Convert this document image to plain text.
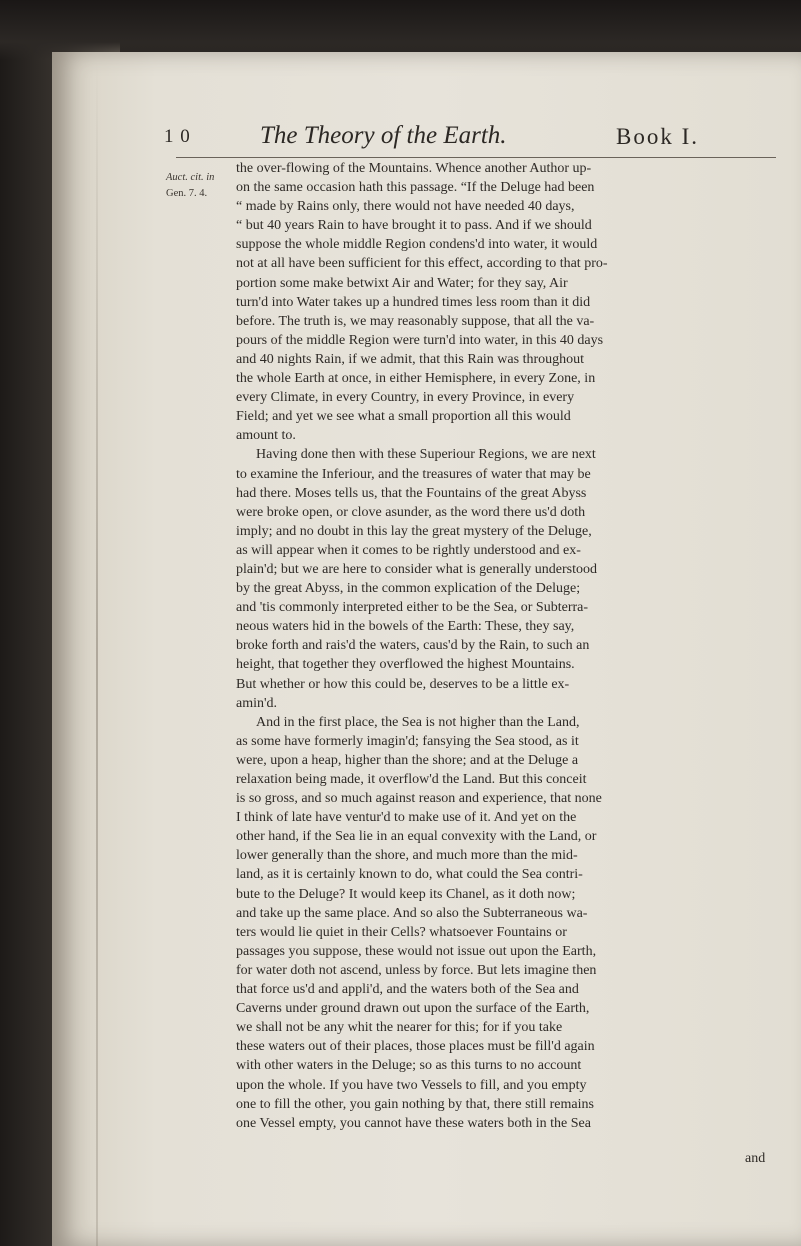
1 0	The Theory of the Earth.	Book I.
Auct. cit. in
Gen. 7. 4.
the over-flowing of the Mountains. Whence another Author up-
on the same occasion hath this passage. “If the Deluge had been
“ made by Rains only, there would not have needed 40 days,
“ but 40 years Rain to have brought it to pass. And if we should
suppose the whole middle Region condens'd into water, it would
not at all have been sufficient for this effect, according to that pro-
portion some make betwixt Air and Water; for they say, Air
turn'd into Water takes up a hundred times less room than it did
before. The truth is, we may reasonably suppose, that all the va-
pours of the middle Region were turn'd into water, in this 40 days
and 40 nights Rain, if we admit, that this Rain was throughout
the whole Earth at once, in either Hemisphere, in every Zone, in
every Climate, in every Country, in every Province, in every
Field; and yet we see what a small proportion all this would
amount to.
Having done then with these Superiour Regions, we are next
to examine the Inferiour, and the treasures of water that may be
had there. Moses tells us, that the Fountains of the great Abyss
were broke open, or clove asunder, as the word there us'd doth
imply; and no doubt in this lay the great mystery of the Deluge,
as will appear when it comes to be rightly understood and ex-
plain'd; but we are here to consider what is generally understood
by the great Abyss, in the common explication of the Deluge;
and 'tis commonly interpreted either to be the Sea, or Subterra-
neous waters hid in the bowels of the Earth: These, they say,
broke forth and rais'd the waters, caus'd by the Rain, to such an
height, that together they overflowed the highest Mountains.
But whether or how this could be, deserves to be a little ex-
amin'd.
And in the first place, the Sea is not higher than the Land,
as some have formerly imagin'd; fansying the Sea stood, as it
were, upon a heap, higher than the shore; and at the Deluge a
relaxation being made, it overflow'd the Land. But this conceit
is so gross, and so much against reason and experience, that none
I think of late have ventur'd to make use of it. And yet on the
other hand, if the Sea lie in an equal convexity with the Land, or
lower generally than the shore, and much more than the mid-
land, as it is certainly known to do, what could the Sea contri-
bute to the Deluge? It would keep its Chanel, as it doth now;
and take up the same place. And so also the Subterraneous wa-
ters would lie quiet in their Cells? whatsoever Fountains or
passages you suppose, these would not issue out upon the Earth,
for water doth not ascend, unless by force. But lets imagine then
that force us'd and appli'd, and the waters both of the Sea and
Caverns under ground drawn out upon the surface of the Earth,
we shall not be any whit the nearer for this; for if you take
these waters out of their places, those places must be fill'd again
with other waters in the Deluge; so as this turns to no account
upon the whole. If you have two Vessels to fill, and you empty
one to fill the other, you gain nothing by that, there still remains
one Vessel empty, you cannot have these waters both in the Sea
and
